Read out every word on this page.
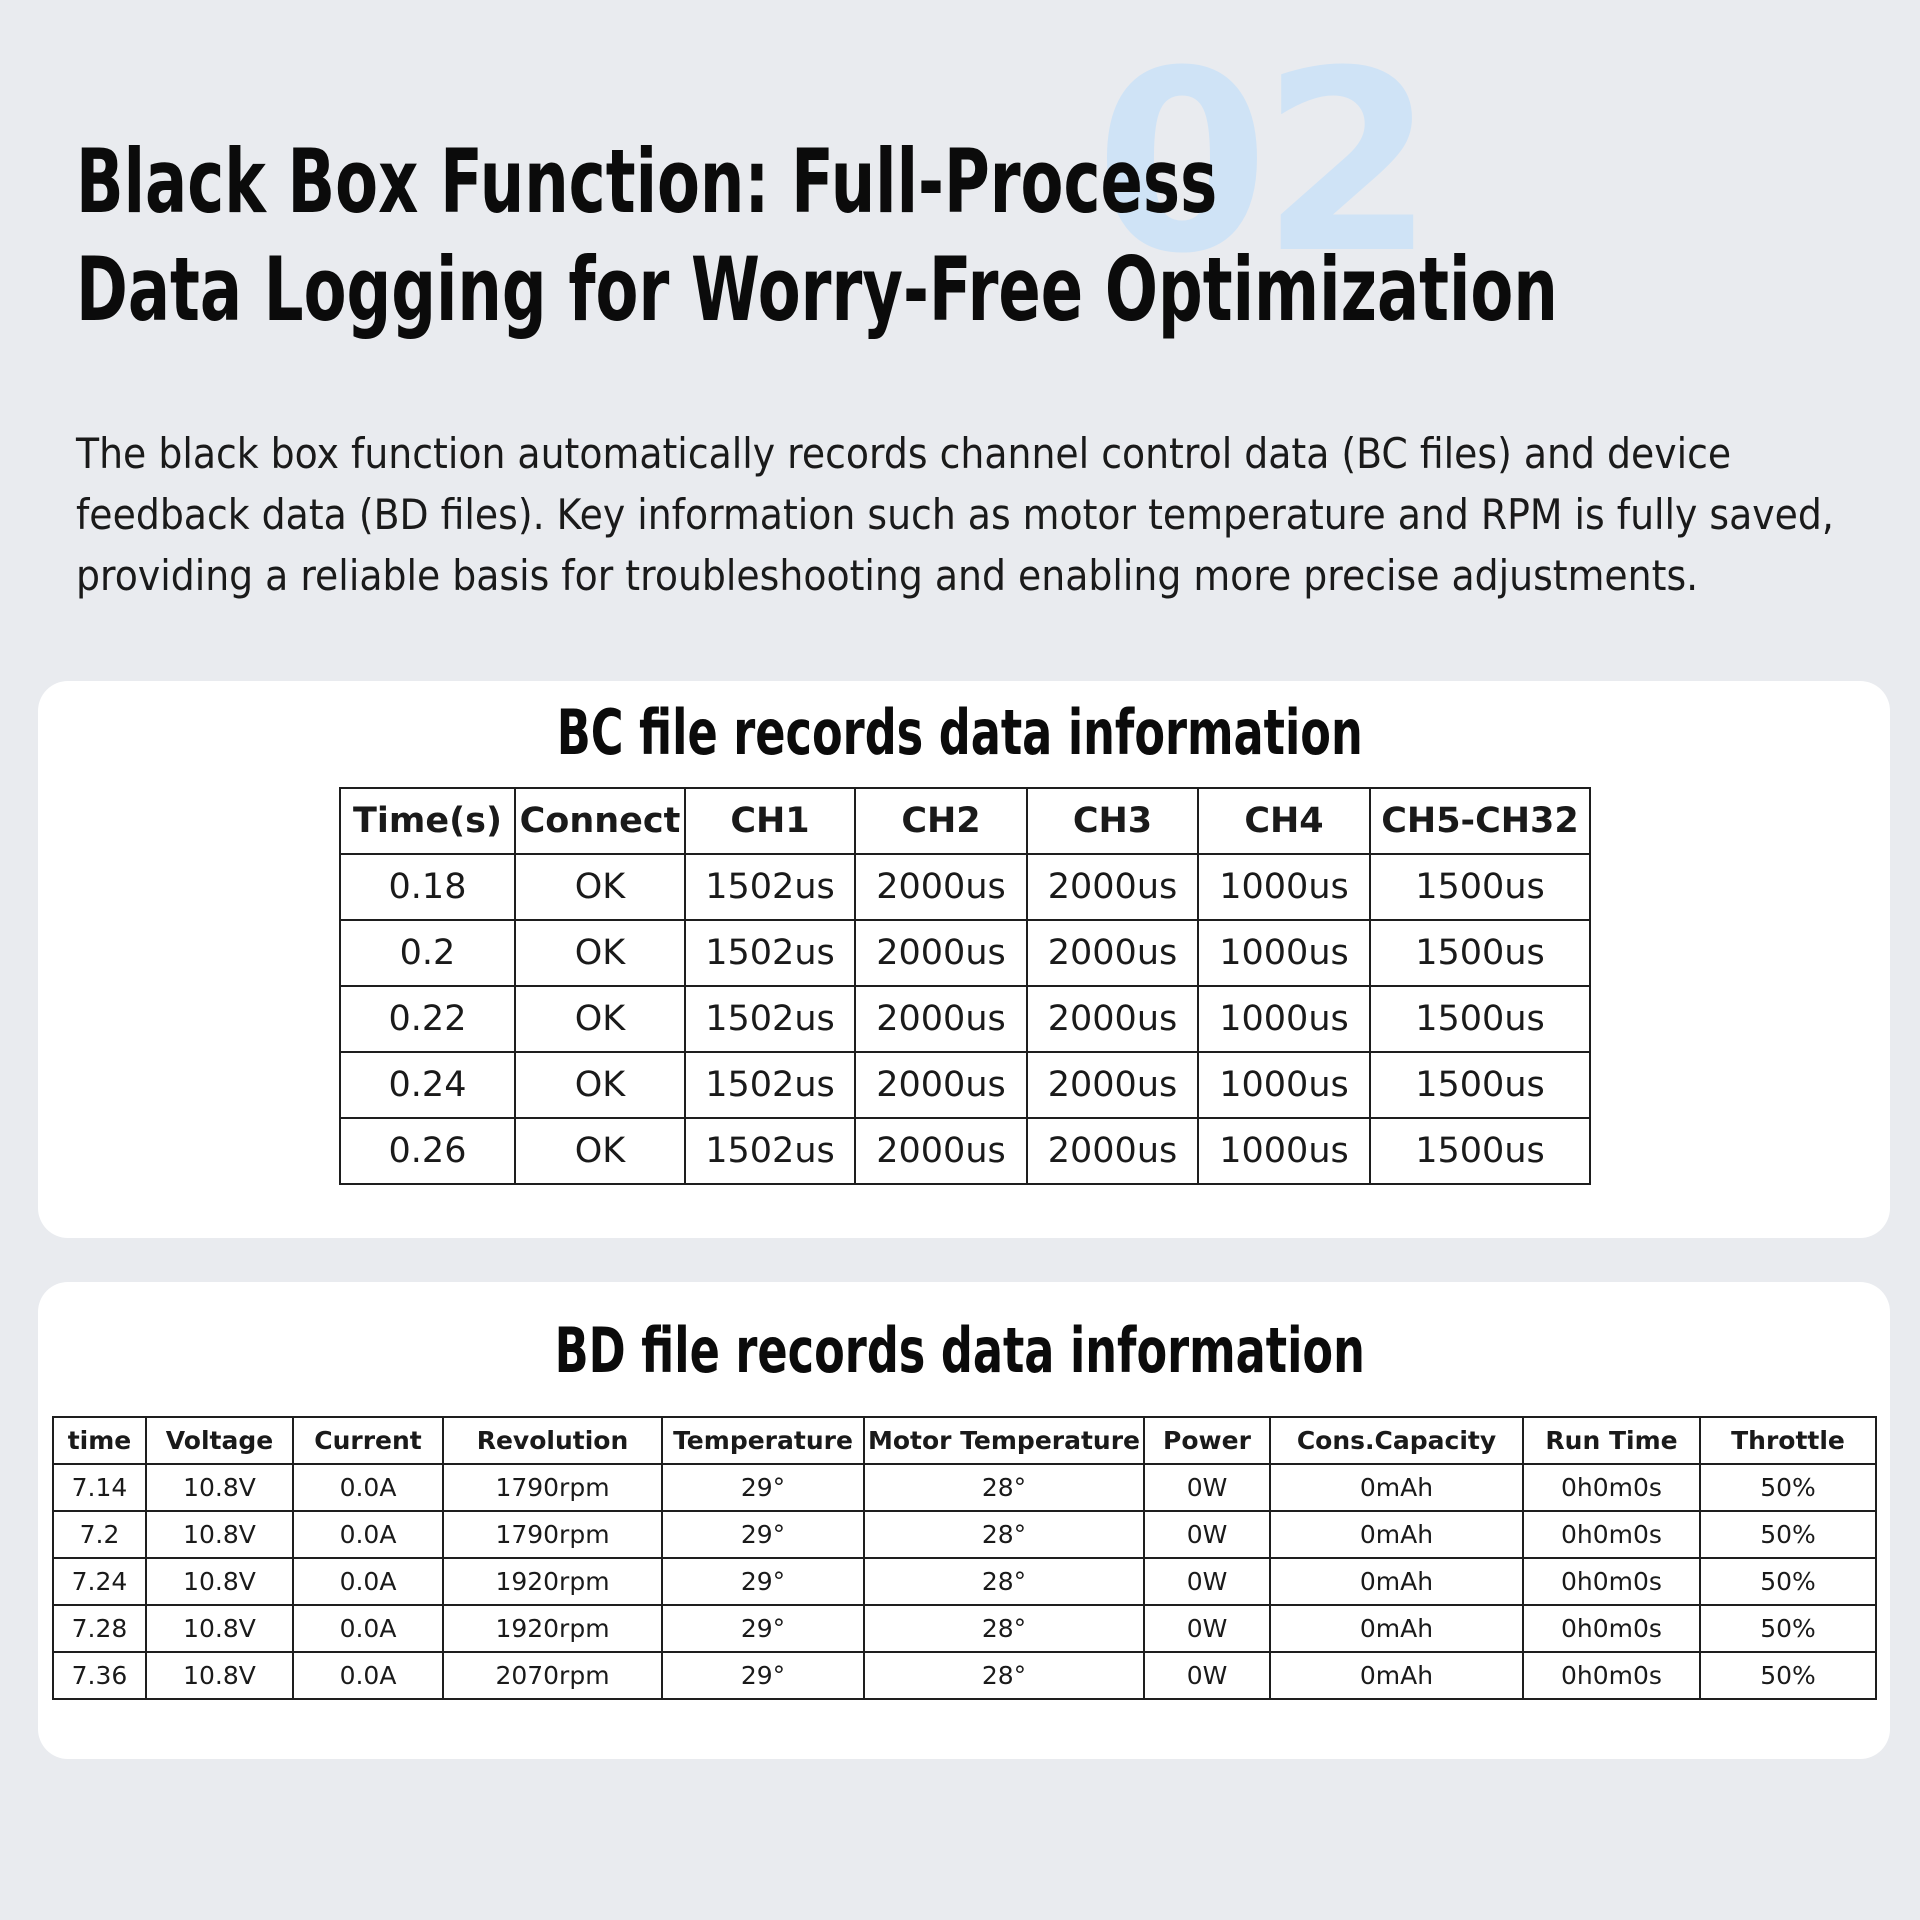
02
Black Box Function: Full-Process
Data Logging for Worry-Free Optimization

The black box function automatically records channel control data (BC files) and device
feedback data (BD files). Key information such as motor temperature and RPM is fully saved,
providing a reliable basis for troubleshooting and enabling more precise adjustments.

BC file records data information
Time(s)	Connect	CH1	CH2	CH3	CH4	CH5-CH32
0.18	OK	1502us	2000us	2000us	1000us	1500us
0.2	OK	1502us	2000us	2000us	1000us	1500us
0.22	OK	1502us	2000us	2000us	1000us	1500us
0.24	OK	1502us	2000us	2000us	1000us	1500us
0.26	OK	1502us	2000us	2000us	1000us	1500us
BD file records data information
time	Voltage	Current	Revolution	Temperature	Motor Temperature	Power	Cons.Capacity	Run Time	Throttle
7.14	10.8V	0.0A	1790rpm	29°	28°	0W	0mAh	0h0m0s	50%
7.2	10.8V	0.0A	1790rpm	29°	28°	0W	0mAh	0h0m0s	50%
7.24	10.8V	0.0A	1920rpm	29°	28°	0W	0mAh	0h0m0s	50%
7.28	10.8V	0.0A	1920rpm	29°	28°	0W	0mAh	0h0m0s	50%
7.36	10.8V	0.0A	2070rpm	29°	28°	0W	0mAh	0h0m0s	50%
